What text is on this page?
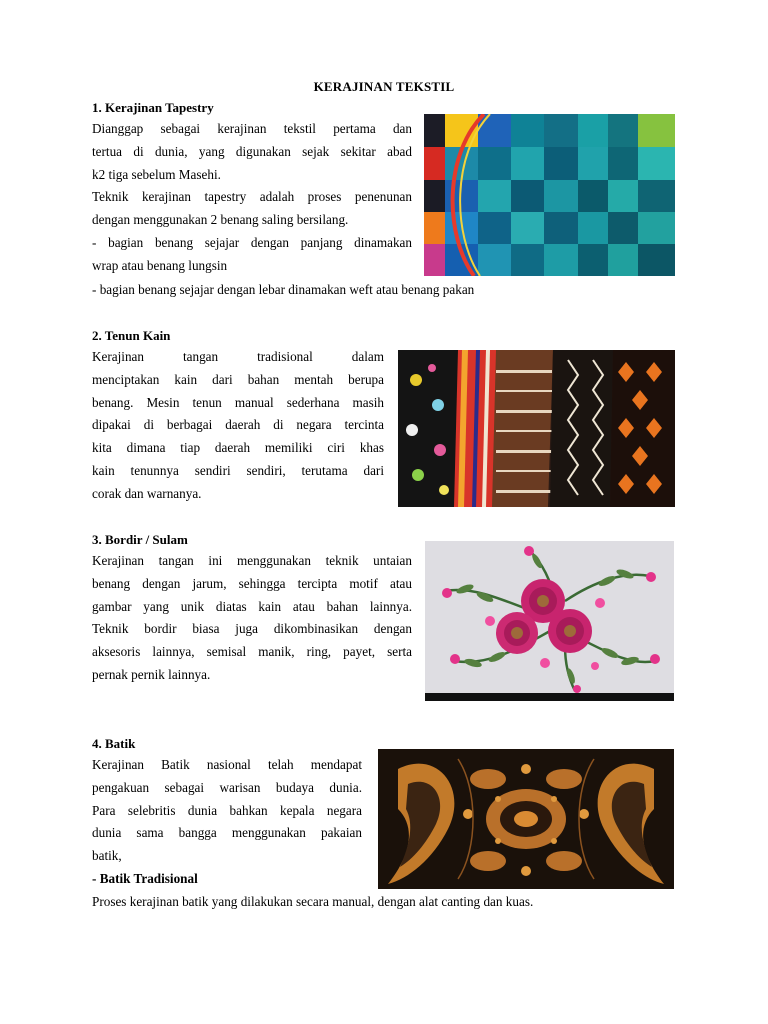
KERAJINAN TEKSTIL
1. Kerajinan Tapestry
Dianggap sebagai kerajinan tekstil pertama dan
tertua di dunia, yang digunakan sejak sekitar abad
k2 tiga sebelum Masehi.
Teknik kerajinan tapestry adalah proses penenunan
dengan menggunakan 2 benang saling bersilang.
- bagian benang sejajar dengan panjang dinamakan
wrap atau benang lungsin
- bagian benang sejajar dengan lebar dinamakan weft atau benang pakan
2. Tenun Kain
Kerajinan tangan tradisional dalam
menciptakan kain dari bahan mentah berupa
benang. Mesin tenun manual sederhana masih
dipakai di berbagai daerah di negara tercinta
kita dimana tiap daerah memiliki ciri khas
kain tenunnya sendiri sendiri, terutama dari
corak dan warnanya.
3. Bordir / Sulam
Kerajinan tangan ini menggunakan teknik untaian
benang dengan jarum, sehingga tercipta motif atau
gambar yang unik diatas kain atau bahan lainnya.
Teknik bordir biasa juga dikombinasikan dengan
aksesoris lainnya, semisal manik, ring, payet, serta
pernak pernik lainnya.
4. Batik
Kerajinan Batik nasional telah mendapat
pengakuan sebagai warisan budaya dunia.
Para selebritis dunia bahkan kepala negara
dunia sama bangga menggunakan pakaian
batik,
- Batik Tradisional
Proses kerajinan batik yang dilakukan secara manual, dengan alat canting dan kuas.
